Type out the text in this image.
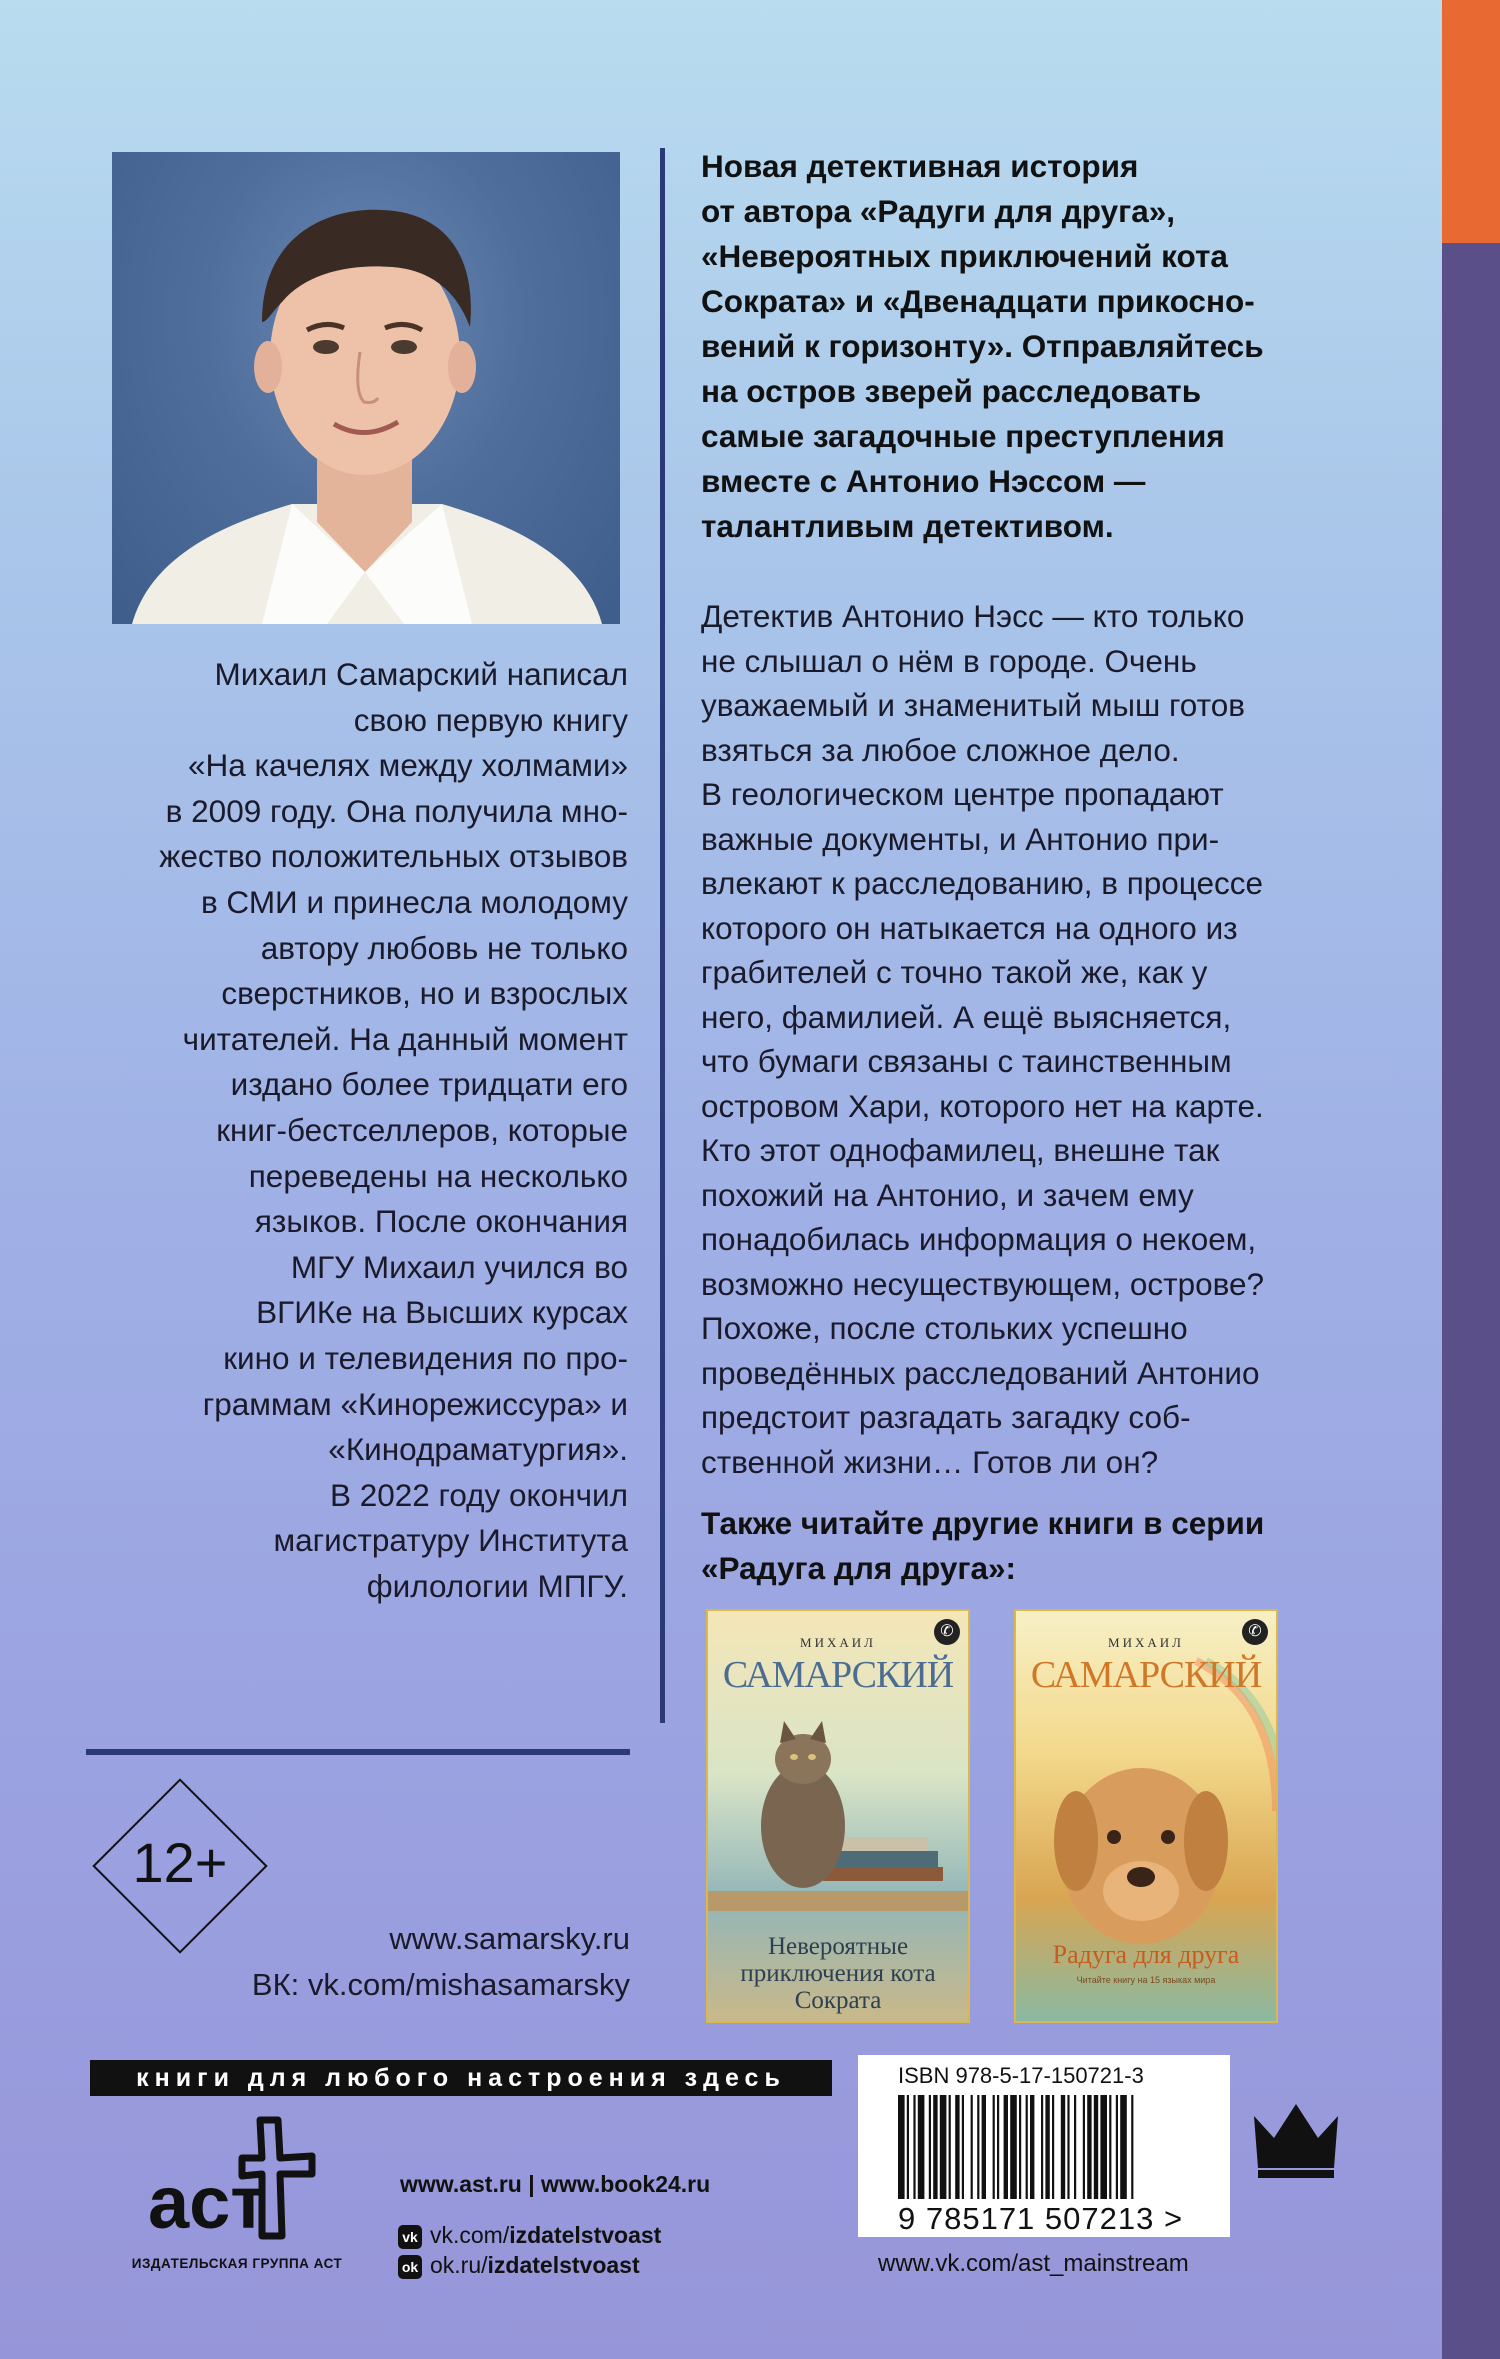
Михаил Самарский написал
свою первую книгу
«На качелях между холмами»
в 2009 году. Она получила мно-
жество положительных отзывов
в СМИ и принесла молодому
автору любовь не только
сверстников, но и взрослых
читателей. На данный момент
издано более тридцати его
книг-бестселлеров, которые
переведены на несколько
языков. После окончания
МГУ Михаил учился во
ВГИКе на Высших курсах
кино и телевидения по про-
граммам «Кинорежиссура» и
«Кинодраматургия».
В 2022 году окончил
магистратуру Института
филологии МПГУ.
12+
www.samarsky.ru
ВК: vk.com/mishasamarsky
Новая детективная история
от автора «Радуги для друга»,
«Невероятных приключений кота
Сократа» и «Двенадцати прикосно-
вений к горизонту». Отправляйтесь
на остров зверей расследовать
самые загадочные преступления
вместе с Антонио Нэссом —
талантливым детективом.
Детектив Антонио Нэсс — кто только
не слышал о нём в городе. Очень
уважаемый и знаменитый мыш готов
взяться за любое сложное дело.
В геологическом центре пропадают
важные документы, и Антонио при-
влекают к расследованию, в процессе
которого он натыкается на одного из
грабителей с точно такой же, как у
него, фамилией. А ещё выясняется,
что бумаги связаны с таинственным
островом Хари, которого нет на карте.
Кто этот однофамилец, внешне так
похожий на Антонио, и зачем ему
понадобилась информация о некоем,
возможно несуществующем, острове?
Похоже, после стольких успешно
проведённых расследований Антонио
предстоит разгадать загадку соб-
ственной жизни… Готов ли он?
Также читайте другие книги в серии
«Радуга для друга»:
✆
МИХАИЛ
САМАРСКИЙ
Невероятные
приключения кота
Сократа
✆
МИХАИЛ
САМАРСКИЙ
Радуга для друга
Читайте книгу на 15 языках мира
книги для любого настроения здесь
аст
ИЗДАТЕЛЬСКАЯ ГРУППА АСТ
www.ast.ru | www.book24.ru
vk vk.com/izdatelstvoast
ok ok.ru/izdatelstvoast
ISBN 978-5-17-150721-3
9 785171 507213 >
www.vk.com/ast_mainstream
